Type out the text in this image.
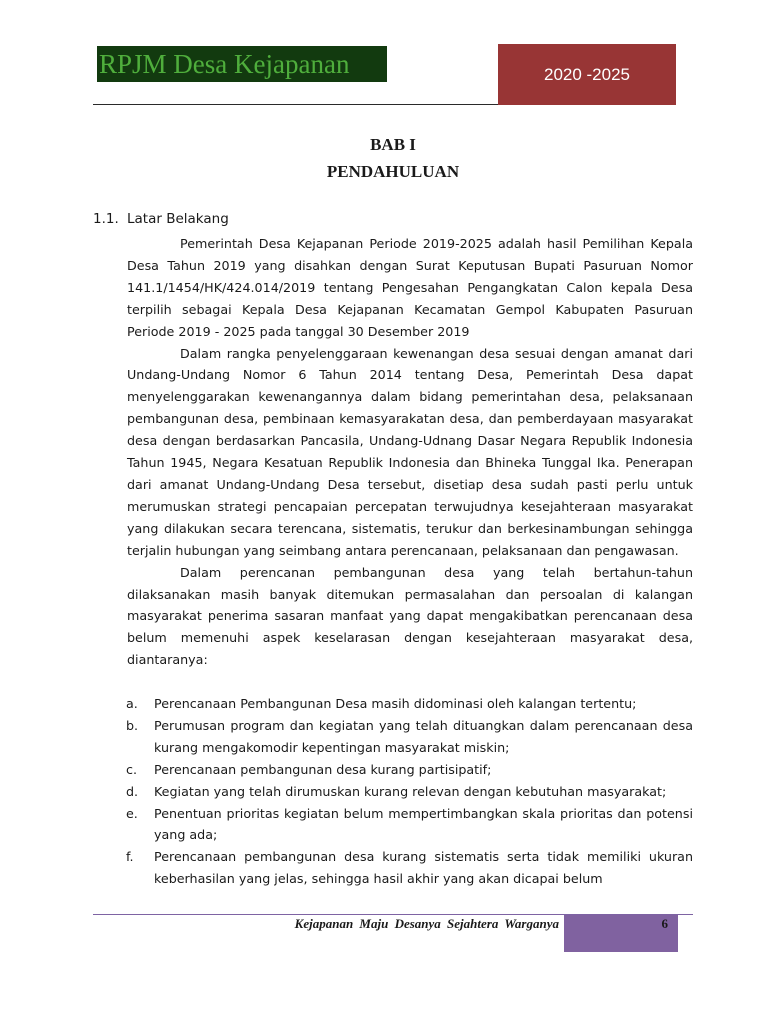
RPJM Desa Kejapanan	2020 -2025
BAB I
PENDAHULUAN
1.1. Latar Belakang

Pemerintah Desa Kejapanan Periode 2019-2025 adalah hasil Pemilihan Kepala Desa Tahun 2019 yang disahkan dengan Surat Keputusan Bupati Pasuruan Nomor 141.1/1454/HK/424.014/2019 tentang Pengesahan Pengangkatan Calon kepala Desa terpilih sebagai Kepala Desa Kejapanan Kecamatan Gempol Kabupaten Pasuruan Periode 2019 - 2025 pada tanggal 30 Desember 2019

Dalam rangka penyelenggaraan kewenangan desa sesuai dengan amanat dari Undang-Undang Nomor 6 Tahun 2014 tentang Desa, Pemerintah Desa dapat menyelenggarakan kewenangannya dalam bidang pemerintahan desa, pelaksanaan pembangunan desa, pembinaan kemasyarakatan desa, dan pemberdayaan masyarakat desa dengan berdasarkan Pancasila, Undang-Udnang Dasar Negara Republik Indonesia Tahun 1945, Negara Kesatuan Republik Indonesia dan Bhineka Tunggal Ika. Penerapan dari amanat Undang-Undang Desa tersebut, disetiap desa sudah pasti perlu untuk merumuskan strategi pencapaian percepatan terwujudnya kesejahteraan masyarakat yang dilakukan secara terencana, sistematis, terukur dan berkesinambungan sehingga terjalin hubungan yang seimbang antara perencanaan, pelaksanaan dan pengawasan.

Dalam perencanan pembangunan desa yang telah bertahun-tahun dilaksanakan masih banyak ditemukan permasalahan dan persoalan di kalangan masyarakat penerima sasaran manfaat yang dapat mengakibatkan perencanaan desa belum memenuhi aspek keselarasan dengan kesejahteraan masyarakat desa, diantaranya:

a. Perencanaan Pembangunan Desa masih didominasi oleh kalangan tertentu;
b. Perumusan program dan kegiatan yang telah dituangkan dalam perencanaan desa kurang mengakomodir kepentingan masyarakat miskin;
c. Perencanaan pembangunan desa kurang partisipatif;
d. Kegiatan yang telah dirumuskan kurang relevan dengan kebutuhan masyarakat;
e. Penentuan prioritas kegiatan belum mempertimbangkan skala prioritas dan potensi yang ada;
f. Perencanaan pembangunan desa kurang sistematis serta tidak memiliki ukuran keberhasilan yang jelas, sehingga hasil akhir yang akan dicapai belum
Kejapanan Maju Desanya Sejahtera Warganya	6
